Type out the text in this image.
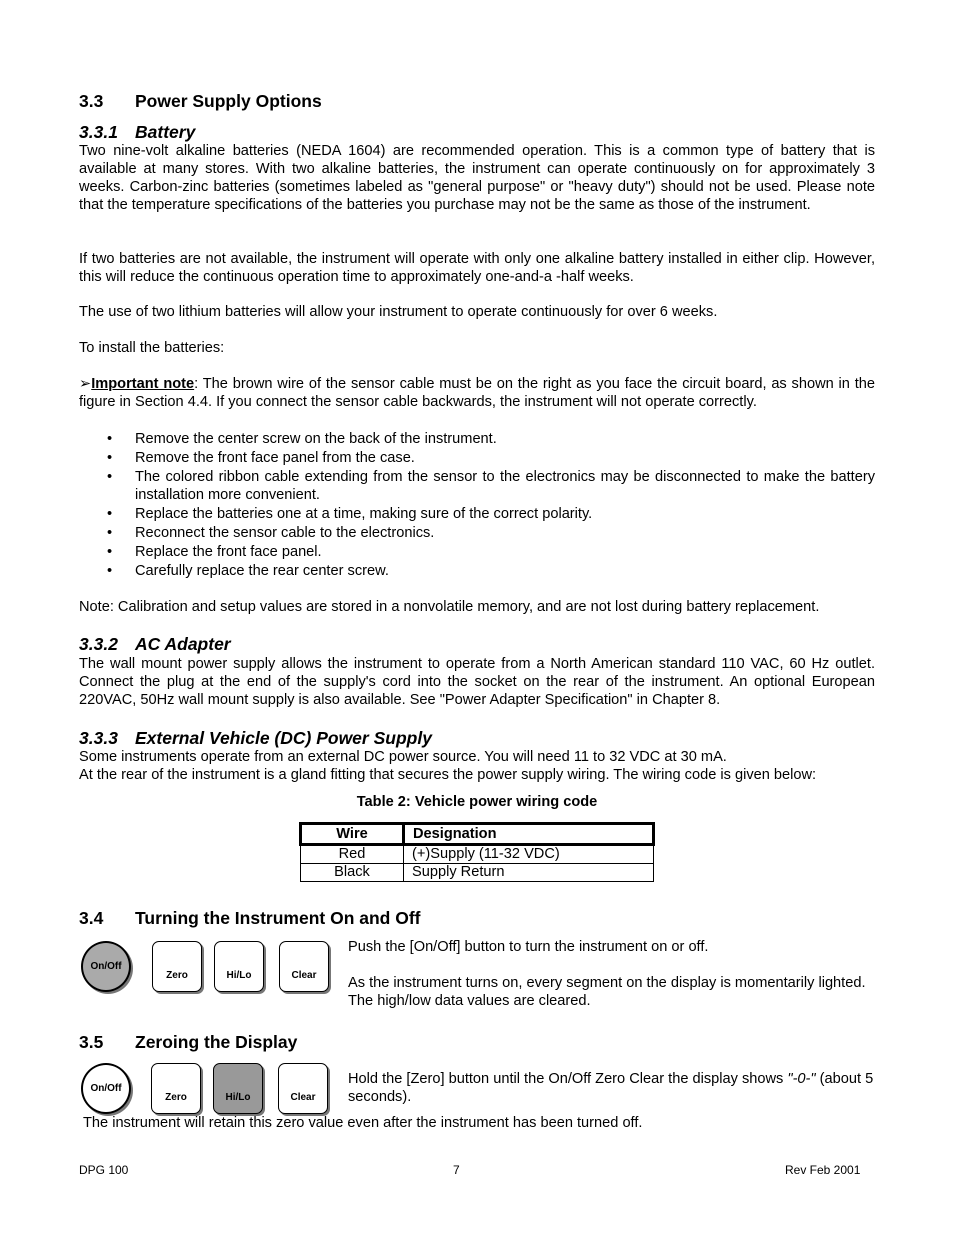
3.3 Power Supply Options
3.3.1 Battery
Two nine-volt alkaline batteries (NEDA 1604) are recommended operation. This is a common type of battery that is available at many stores. With two alkaline batteries, the instrument can operate continuously on for approximately 3 weeks. Carbon-zinc batteries (sometimes labeled as "general purpose" or "heavy duty") should not be used. Please note that the temperature specifications of the batteries you purchase may not be the same as those of the instrument.
If two batteries are not available, the instrument will operate with only one alkaline battery installed in either clip. However, this will reduce the continuous operation time to approximately one-and-a -half weeks.
The use of two lithium batteries will allow your instrument to operate continuously for over 6 weeks.
To install the batteries:
➢Important note: The brown wire of the sensor cable must be on the right as you face the circuit board, as shown in the figure in Section 4.4. If you connect the sensor cable backwards, the instrument will not operate correctly.
• Remove the center screw on the back of the instrument.
• Remove the front face panel from the case.
• The colored ribbon cable extending from the sensor to the electronics may be disconnected to make the battery installation more convenient.
• Replace the batteries one at a time, making sure of the correct polarity.
• Reconnect the sensor cable to the electronics.
• Replace the front face panel.
• Carefully replace the rear center screw.
Note: Calibration and setup values are stored in a nonvolatile memory, and are not lost during battery replacement.
3.3.2 AC Adapter
The wall mount power supply allows the instrument to operate from a North American standard 110 VAC, 60 Hz outlet. Connect the plug at the end of the supply's cord into the socket on the rear of the instrument. An optional European 220VAC, 50Hz wall mount supply is also available. See "Power Adapter Specification" in Chapter 8.
3.3.3 External Vehicle (DC) Power Supply
Some instruments operate from an external DC power source. You will need 11 to 32 VDC at 30 mA.
At the rear of the instrument is a gland fitting that secures the power supply wiring. The wiring code is given below:
Table 2: Vehicle power wiring code
Wire	Designation
Red	(+)Supply (11-32 VDC)
Black	Supply Return
3.4 Turning the Instrument On and Off
On/Off
Zero	Hi/Lo	Clear
Push the [On/Off] button to turn the instrument on or off.
As the instrument turns on, every segment on the display is momentarily lighted. The high/low data values are cleared.
3.5 Zeroing the Display
On/Off
Zero	Hi/Lo	Clear
Hold the [Zero] button until the On/Off Zero Clear the display shows "-0-" (about 5 seconds).
The instrument will retain this zero value even after the instrument has been turned off.
DPG 100	7	Rev Feb 2001
